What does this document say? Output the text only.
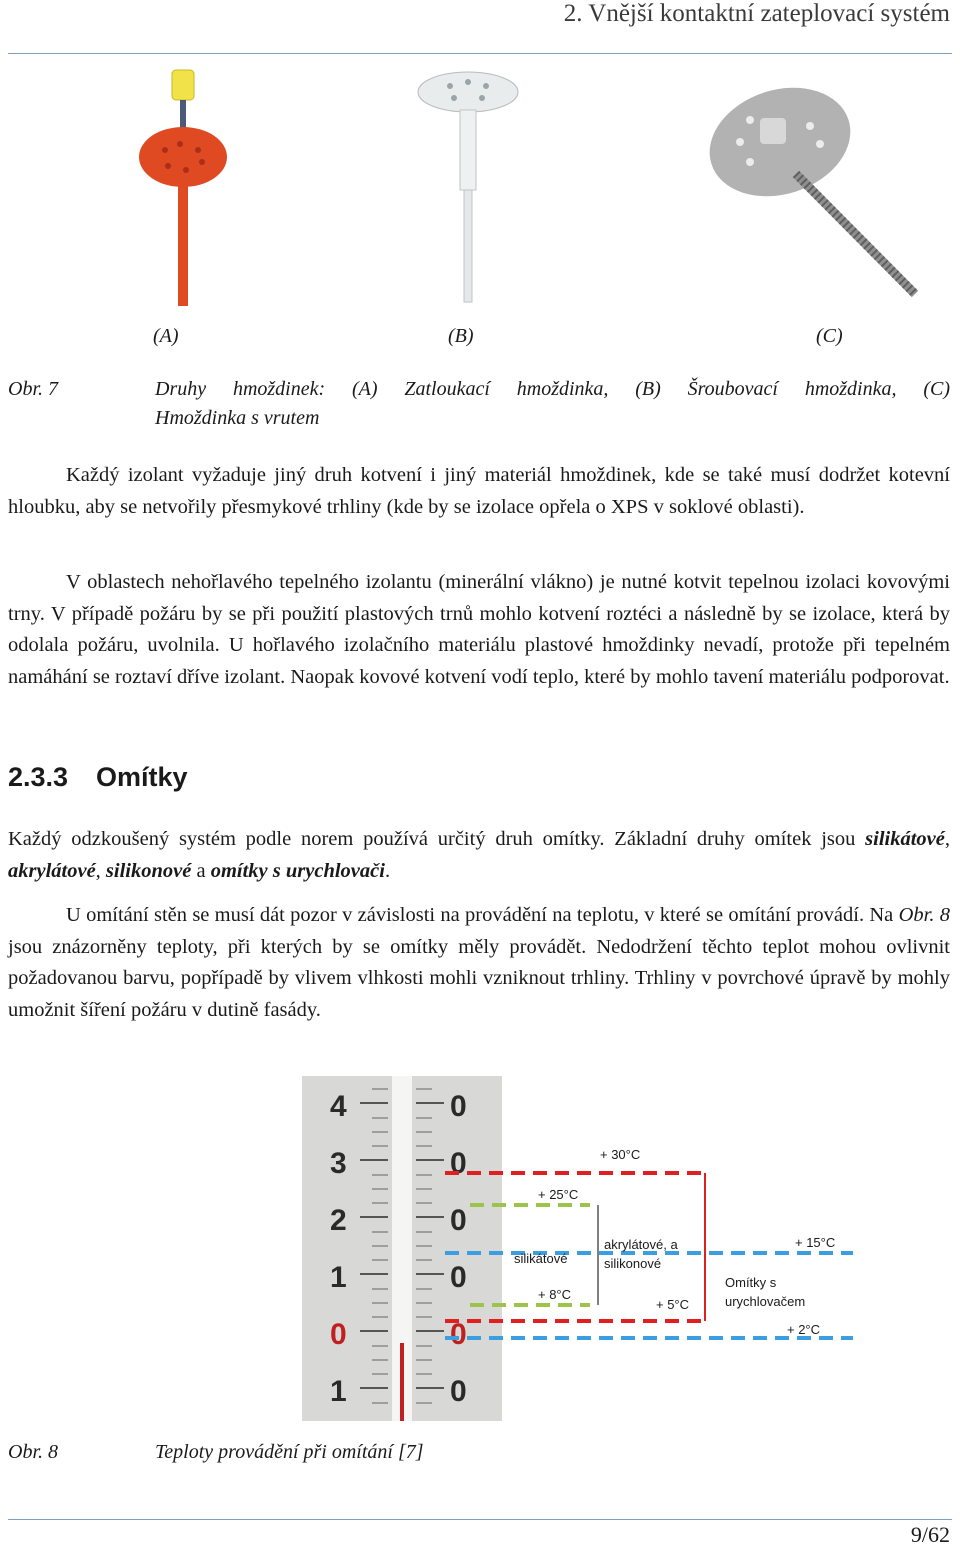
2. Vnější kontaktní zateplovací systém
(A)	(B)	(C)
Obr. 7	Druhy hmoždinek: (A) Zatloukací hmoždinka, (B) Šroubovací hmoždinka, (C)
Hmoždinka s vrutem

Každý izolant vyžaduje jiný druh kotvení i jiný materiál hmoždinek, kde se také musí dodržet kotevní hloubku, aby se netvořily přesmykové trhliny (kde by se izolace opřela o XPS v soklové oblasti).

V oblastech nehořlavého tepelného izolantu (minerální vlákno) je nutné kotvit tepelnou izolaci kovovými trny. V případě požáru by se při použití plastových trnů mohlo kotvení roztéci a následně by se izolace, která by odolala požáru, uvolnila. U hořlavého izolačního materiálu plastové hmoždinky nevadí, protože při tepelném namáhání se roztaví dříve izolant. Naopak kovové kotvení vodí teplo, které by mohlo tavení materiálu podporovat.

2.3.3 Omítky

Každý odzkoušený systém podle norem používá určitý druh omítky. Základní druhy omítek jsou silikátové, akrylátové, silikonové a omítky s urychlovači.

U omítání stěn se musí dát pozor v závislosti na provádění na teplotu, v které se omítání provádí. Na Obr. 8 jsou znázorněny teploty, při kterých by se omítky měly provádět. Nedodržení těchto teplot mohou ovlivnit požadovanou barvu, popřípadě by vlivem vlhkosti mohli vzniknout trhliny. Trhliny v povrchové úpravě by mohly umožnit šíření požáru v dutině fasády.

4
3
2
1
0
1
0
0
0
0
0
0
+ 30°C
+ 25°C
silikátové
+ 8°C
akrylátové, a
silikonové
+ 5°C
+ 15°C
Omítky s
urychlovačem
+ 2°C
Obr. 8	Teploty provádění při omítání [7]
9/62
